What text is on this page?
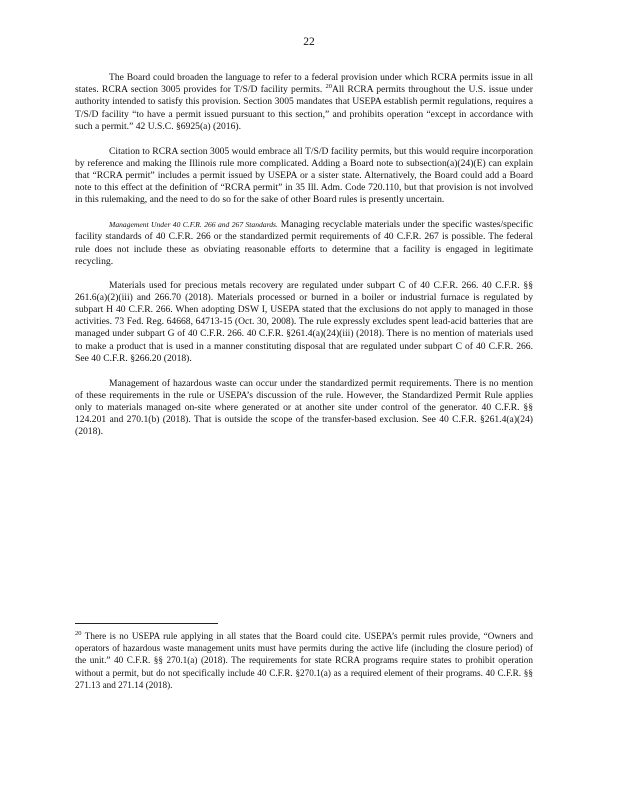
22

The Board could broaden the language to refer to a federal provision under which RCRA permits issue in all states. RCRA section 3005 provides for T/S/D facility permits. $^{20}$All RCRA permits throughout the U.S. issue under authority intended to satisfy this provision. Section 3005 mandates that USEPA establish permit regulations, requires a T/S/D facility “to have a permit issued pursuant to this section,” and prohibits operation “except in accordance with such a permit.” 42 U.S.C. §6925(a) (2016).

Citation to RCRA section 3005 would embrace all T/S/D facility permits, but this would require incorporation by reference and making the Illinois rule more complicated. Adding a Board note to subsection(a)(24)(E) can explain that “RCRA permit” includes a permit issued by USEPA or a sister state. Alternatively, the Board could add a Board note to this effect at the definition of “RCRA permit” in 35 Ill. Adm. Code 720.110, but that provision is not involved in this rulemaking, and the need to do so for the sake of other Board rules is presently uncertain.

Management Under 40 C.F.R. 266 and 267 Standards. Managing recyclable materials under the specific wastes/specific facility standards of 40 C.F.R. 266 or the standardized permit requirements of 40 C.F.R. 267 is possible. The federal rule does not include these as obviating reasonable efforts to determine that a facility is engaged in legitimate recycling.

Materials used for precious metals recovery are regulated under subpart C of 40 C.F.R. 266. 40 C.F.R. §§ 261.6(a)(2)(iii) and 266.70 (2018). Materials processed or burned in a boiler or industrial furnace is regulated by subpart H 40 C.F.R. 266. When adopting DSW I, USEPA stated that the exclusions do not apply to managed in those activities. 73 Fed. Reg. 64668, 64713-15 (Oct. 30, 2008). The rule expressly excludes spent lead-acid batteries that are managed under subpart G of 40 C.F.R. 266. 40 C.F.R. §261.4(a)(24)(iii) (2018). There is no mention of materials used to make a product that is used in a manner constituting disposal that are regulated under subpart C of 40 C.F.R. 266. See 40 C.F.R. §266.20 (2018).

Management of hazardous waste can occur under the standardized permit requirements. There is no mention of these requirements in the rule or USEPA’s discussion of the rule. However, the Standardized Permit Rule applies only to materials managed on-site where generated or at another site under control of the generator. 40 C.F.R. §§ 124.201 and 270.1(b) (2018). That is outside the scope of the transfer-based exclusion. See 40 C.F.R. §261.4(a)(24) (2018).

$^{20}$ There is no USEPA rule applying in all states that the Board could cite. USEPA’s permit rules provide, “Owners and operators of hazardous waste management units must have permits during the active life (including the closure period) of the unit.” 40 C.F.R. §§ 270.1(a) (2018). The requirements for state RCRA programs require states to prohibit operation without a permit, but do not specifically include 40 C.F.R. §270.1(a) as a required element of their programs. 40 C.F.R. §§ 271.13 and 271.14 (2018).
